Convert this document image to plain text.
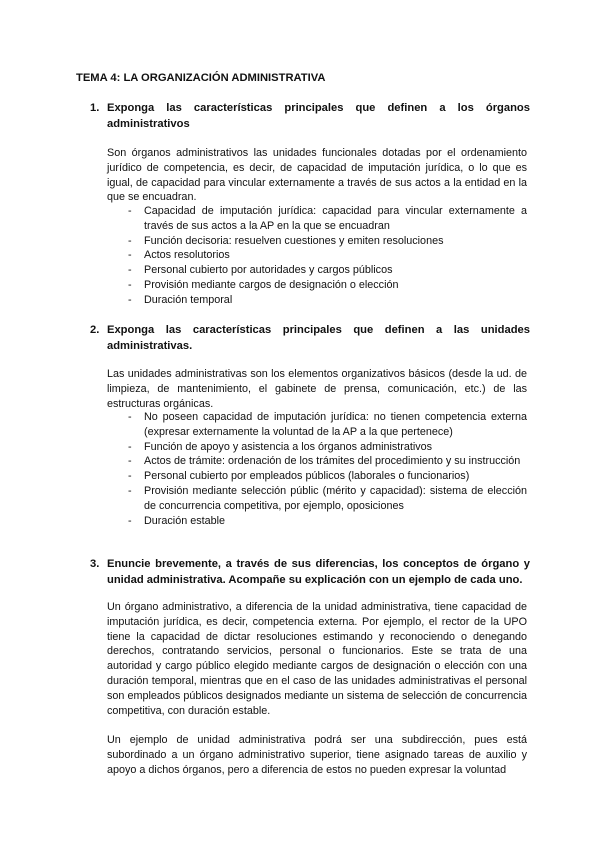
TEMA 4: LA ORGANIZACIÓN ADMINISTRATIVA
1. Exponga las características principales que definen a los órganos administrativos

Son órganos administrativos las unidades funcionales dotadas por el ordenamiento jurídico de competencia, es decir, de capacidad de imputación jurídica, o lo que es igual, de capacidad para vincular externamente a través de sus actos a la entidad en la que se encuadran.

- Capacidad de imputación jurídica: capacidad para vincular externamente a través de sus actos a la AP en la que se encuadran
- Función decisoria: resuelven cuestiones y emiten resoluciones
- Actos resolutorios
- Personal cubierto por autoridades y cargos públicos
- Provisión mediante cargos de designación o elección
- Duración temporal
2. Exponga las características principales que definen a las unidades administrativas.

Las unidades administrativas son los elementos organizativos básicos (desde la ud. de limpieza, de mantenimiento, el gabinete de prensa, comunicación, etc.) de las estructuras orgánicas.

- No poseen capacidad de imputación jurídica: no tienen competencia externa (expresar externamente la voluntad de la AP a la que pertenece)
- Función de apoyo y asistencia a los órganos administrativos
- Actos de trámite: ordenación de los trámites del procedimiento y su instrucción
- Personal cubierto por empleados públicos (laborales o funcionarios)
- Provisión mediante selección públic (mérito y capacidad): sistema de elección de concurrencia competitiva, por ejemplo, oposiciones
- Duración estable
3. Enuncie brevemente, a través de sus diferencias, los conceptos de órgano y unidad administrativa. Acompañe su explicación con un ejemplo de cada uno.

Un órgano administrativo, a diferencia de la unidad administrativa, tiene capacidad de imputación jurídica, es decir, competencia externa. Por ejemplo, el rector de la UPO tiene la capacidad de dictar resoluciones estimando y reconociendo o denegando derechos, contratando servicios, personal o funcionarios. Este se trata de una autoridad y cargo público elegido mediante cargos de designación o elección con una duración temporal, mientras que en el caso de las unidades administrativas el personal son empleados públicos designados mediante un sistema de selección de concurrencia competitiva, con duración estable.

Un ejemplo de unidad administrativa podrá ser una subdirección, pues está subordinado a un órgano administrativo superior, tiene asignado tareas de auxilio y apoyo a dichos órganos, pero a diferencia de estos no pueden expresar la voluntad
